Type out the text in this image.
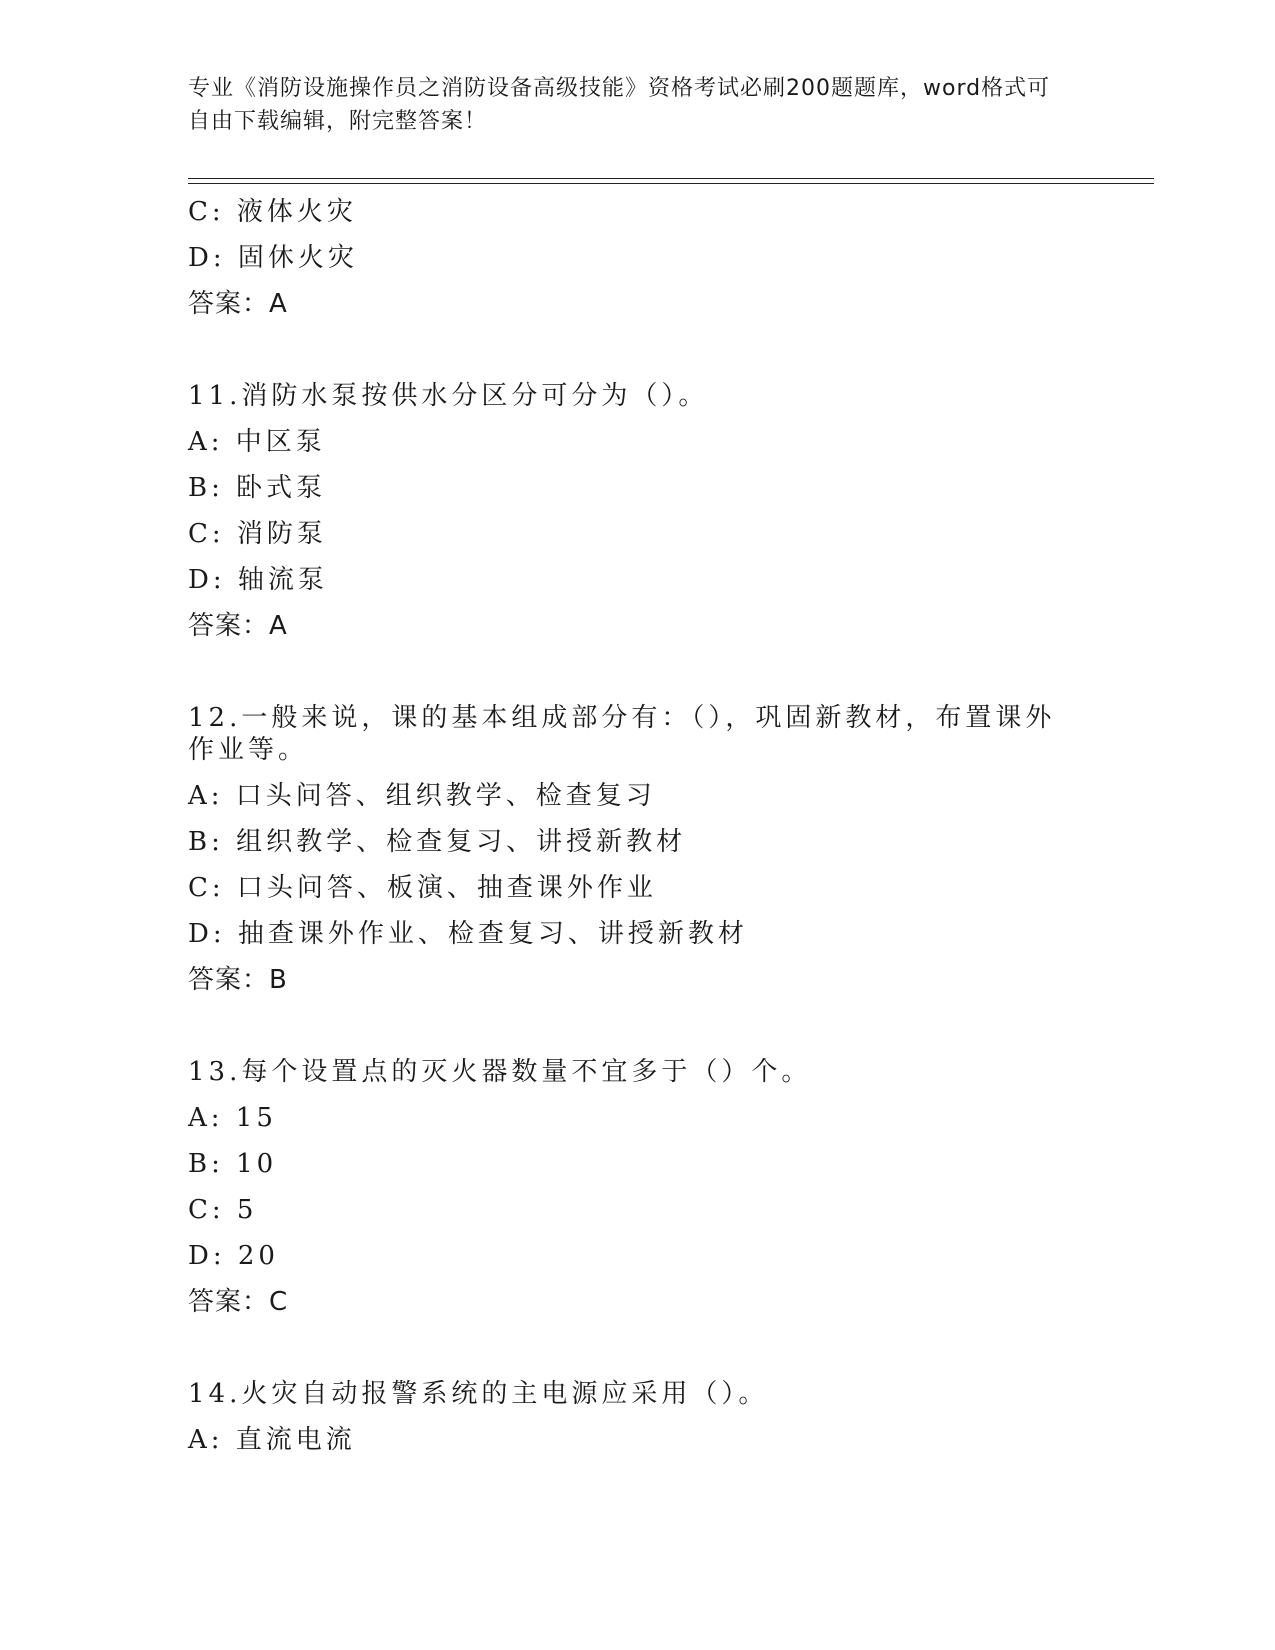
专业《消防设施操作员之消防设备高级技能》资格考试必刷200题题库，word格式可自由下载编辑，附完整答案！
C: 液体火灾
D: 固休火灾
答案：A
11.消防水泵按供水分区分可分为（）。
A: 中区泵
B: 卧式泵
C: 消防泵
D: 轴流泵
答案：A
12.一般来说，课的基本组成部分有：（），巩固新教材，布置课外作业等。
A: 口头问答、组织教学、检查复习
B: 组织教学、检查复习、讲授新教材
C: 口头问答、板演、抽查课外作业
D: 抽查课外作业、检查复习、讲授新教材
答案：B
13.每个设置点的灭火器数量不宜多于（）个。
A: 15
B: 10
C: 5
D: 20
答案：C
14.火灾自动报警系统的主电源应采用（）。
A: 直流电流
